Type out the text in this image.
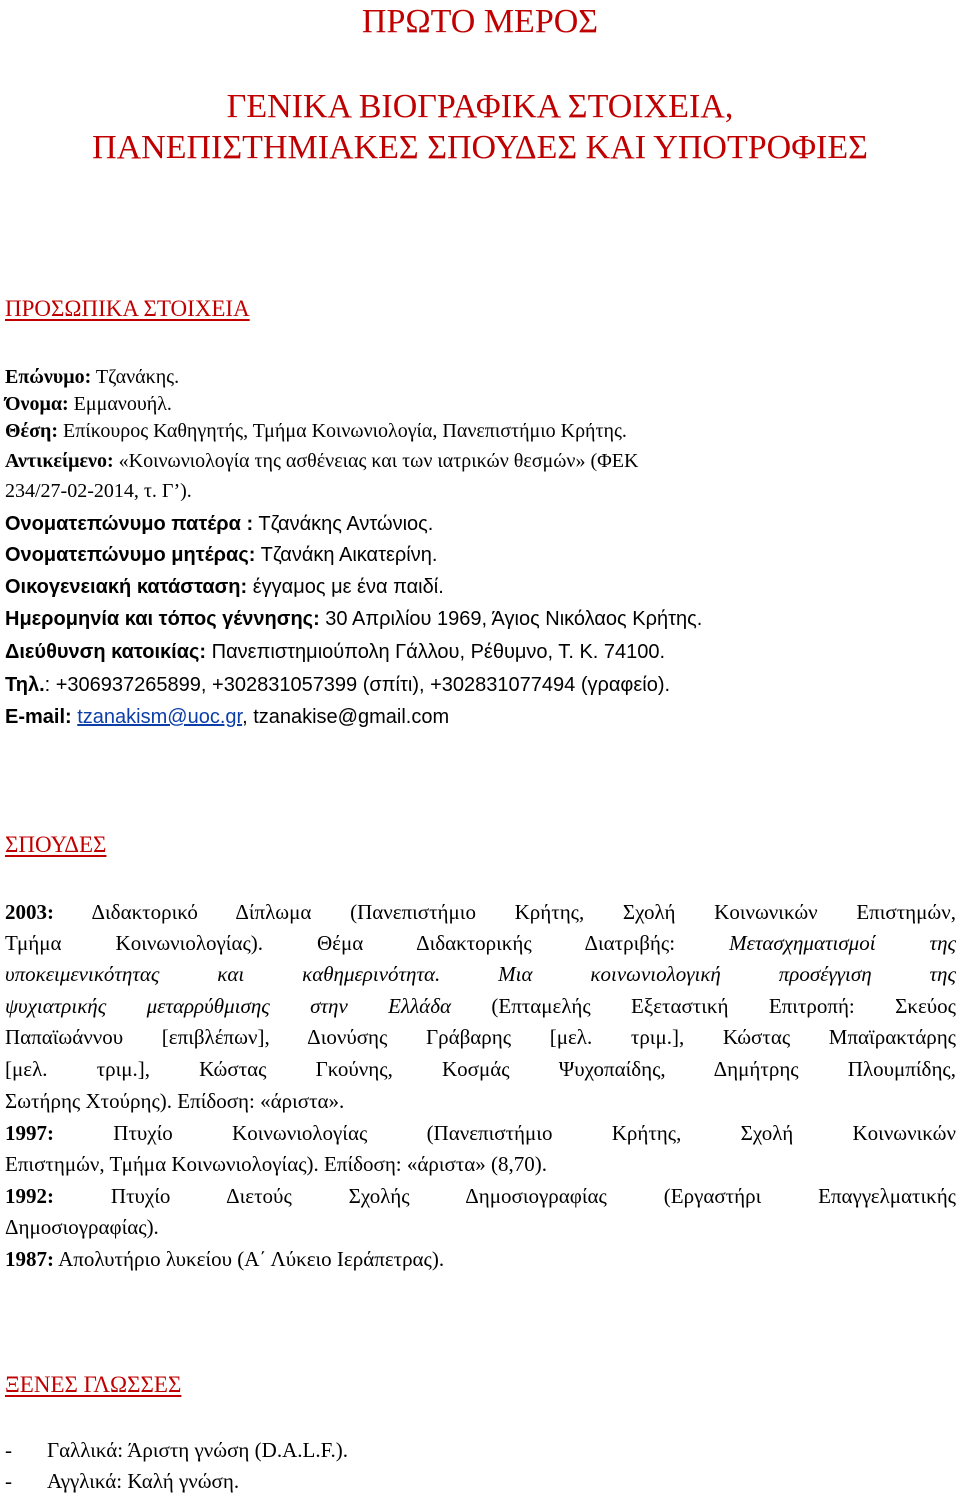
ΠΡΩΤΟ ΜΕΡΟΣ
ΓΕΝΙΚΑ ΒΙΟΓΡΑΦΙΚΑ ΣΤΟΙΧΕΙΑ,
ΠΑΝΕΠΙΣΤΗΜΙΑΚΕΣ ΣΠΟΥΔΕΣ ΚΑΙ ΥΠΟΤΡΟΦΙΕΣ
ΠΡΟΣΩΠΙΚΑ ΣΤΟΙΧΕΙΑ
Επώνυμο: Τζανάκης.
Όνομα: Εμμανουήλ.
Θέση: Επίκουρος Καθηγητής, Τμήμα Κοινωνιολογία, Πανεπιστήμιο Κρήτης.
Αντικείμενο: «Κοινωνιολογία της ασθένειας και των ιατρικών θεσμών» (ΦΕΚ
234/27-02-2014, τ. Γ’).
Ονοματεπώνυμο πατέρα : Τζανάκης Αντώνιος.
Ονοματεπώνυμο μητέρας: Τζανάκη Αικατερίνη.
Οικογενειακή κατάσταση: έγγαμος με ένα παιδί.
Ημερομηνία και τόπος γέννησης: 30 Απριλίου 1969, Άγιος Νικόλαος Κρήτης.
Διεύθυνση κατοικίας: Πανεπιστημιούπολη Γάλλου, Ρέθυμνο, Τ. Κ. 74100.
Τηλ.: +306937265899, +302831057399 (σπίτι), +302831077494 (γραφείο).
E-mail: tzanakism@uoc.gr, tzanakise@gmail.com
ΣΠΟΥΔΕΣ
2003: Διδακτορικό Δίπλωμα (Πανεπιστήμιο Κρήτης, Σχολή Κοινωνικών Επιστημών,
Τμήμα Κοινωνιολογίας). Θέμα Διδακτορικής Διατριβής: Μετασχηματισμοί της
υποκειμενικότητας και καθημερινότητα. Μια κοινωνιολογική προσέγγιση της
ψυχιατρικής μεταρρύθμισης στην Ελλάδα (Επταμελής Εξεταστική Επιτροπή: Σκεύος
Παπαϊωάννου [επιβλέπων], Διονύσης Γράβαρης [μελ. τριμ.], Κώστας Μπαϊρακτάρης
[μελ. τριμ.], Κώστας Γκούνης, Κοσμάς Ψυχοπαίδης, Δημήτρης Πλουμπίδης,
Σωτήρης Χτούρης). Επίδοση: «άριστα».
1997: Πτυχίο Κοινωνιολογίας (Πανεπιστήμιο Κρήτης, Σχολή Κοινωνικών
Επιστημών, Τμήμα Κοινωνιολογίας). Επίδοση: «άριστα» (8,70).
1992: Πτυχίο Διετούς Σχολής Δημοσιογραφίας (Εργαστήρι Επαγγελματικής
Δημοσιογραφίας).
1987: Απολυτήριο λυκείου (Α΄ Λύκειο Ιεράπετρας).
ΞΕΝΕΣ ΓΛΩΣΣΕΣ
- Γαλλικά: Άριστη γνώση (D.A.L.F.).
- Αγγλικά: Καλή γνώση.
